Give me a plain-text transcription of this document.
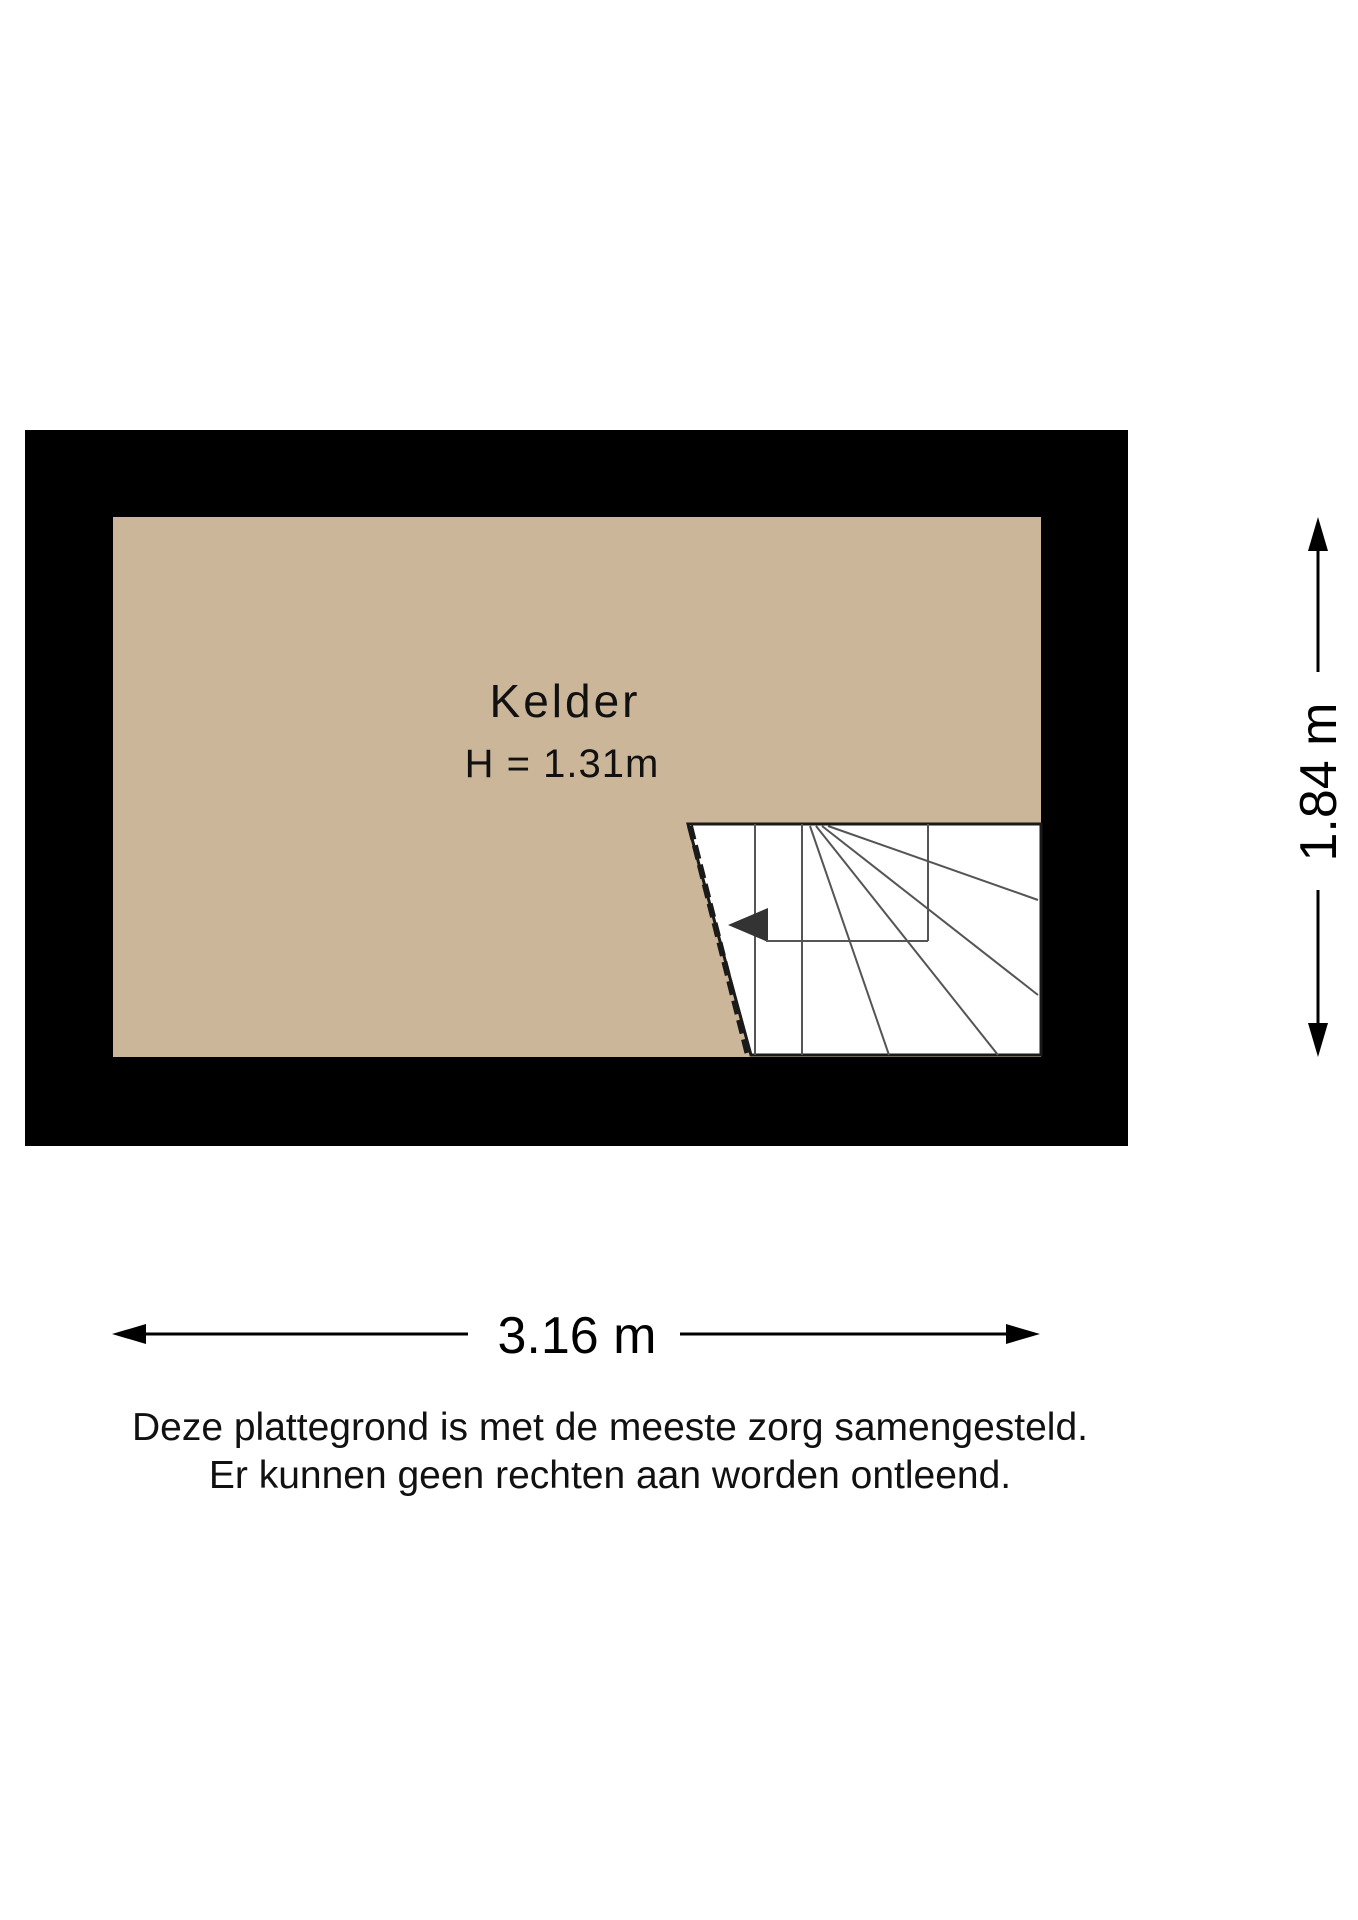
Kelder
H = 1.31m
3.16 m
1.84 m
Deze plattegrond is met de meeste zorg samengesteld.
Er kunnen geen rechten aan worden ontleend.
